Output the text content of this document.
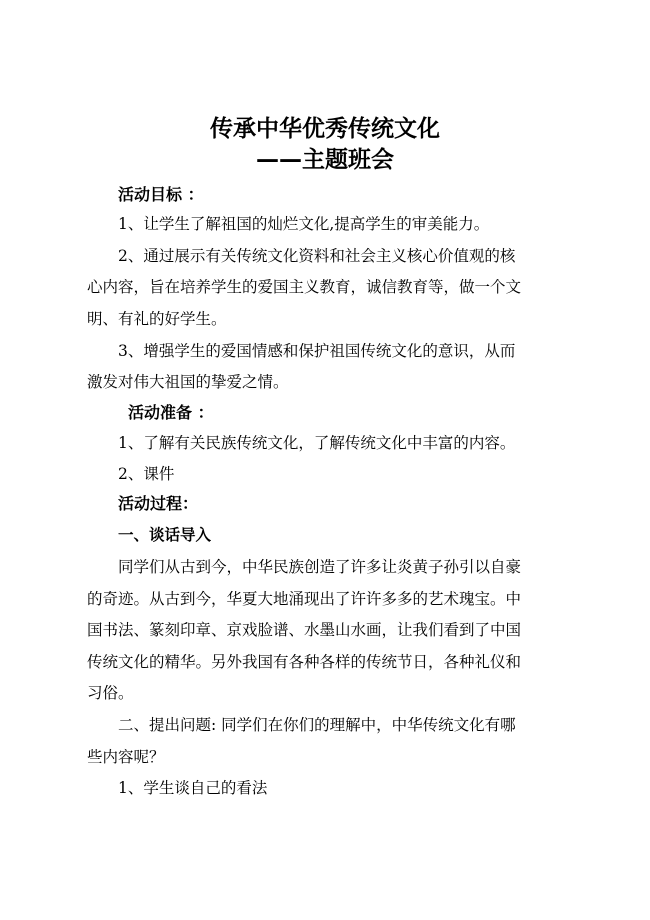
传承中华优秀传统文化
——主题班会
活动目标 ：
1、让学生了解祖国的灿烂文化,提高学生的审美能力。
2、通过展示有关传统文化资料和社会主义核心价值观的核
心内容，旨在培养学生的爱国主义教育，诚信教育等，做一个文
明、有礼的好学生。
3、增强学生的爱国情感和保护祖国传统文化的意识，从而
激发对伟大祖国的挚爱之情。
活动准备 ：
1、了解有关民族传统文化，了解传统文化中丰富的内容。
2、课件
活动过程：
一、谈话导入
同学们从古到今，中华民族创造了许多让炎黄子孙引以自豪
的奇迹。从古到今，华夏大地涌现出了许许多多的艺术瑰宝。中
国书法、篆刻印章、京戏脸谱、水墨山水画，让我们看到了中国
传统文化的精华。另外我国有各种各样的传统节日，各种礼仪和
习俗。
二、提出问题: 同学们在你们的理解中，中华传统文化有哪
些内容呢？
1、学生谈自己的看法
